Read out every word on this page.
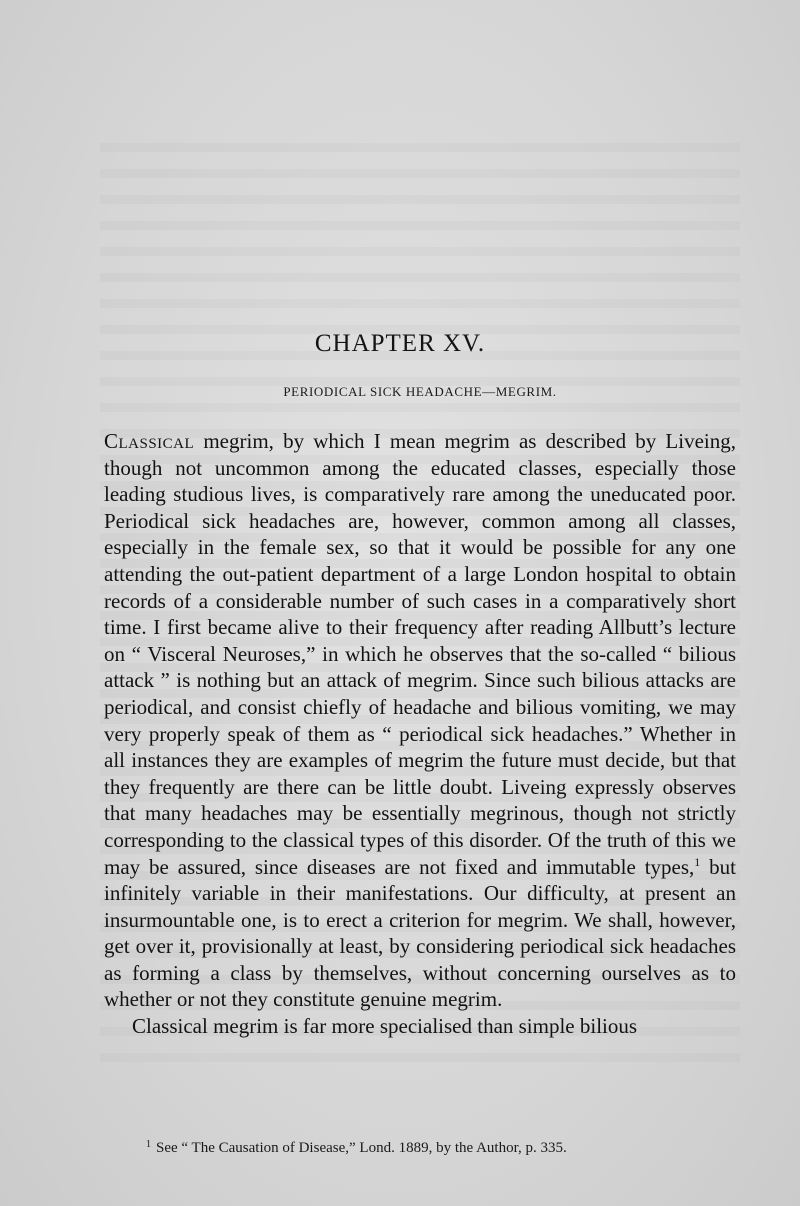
CHAPTER XV.
PERIODICAL SICK HEADACHE—MEGRIM.

Classical megrim, by which I mean megrim as described by Liveing, though not uncommon among the educated classes, especially those leading studious lives, is comparatively rare among the uneducated poor. Periodical sick headaches are, however, common among all classes, especially in the female sex, so that it would be possible for any one attending the out-patient department of a large London hospital to obtain records of a considerable number of such cases in a comparatively short time. I first became alive to their frequency after reading Allbutt’s lecture on “ Visceral Neuroses,” in which he observes that the so-called “ bilious attack ” is nothing but an attack of megrim. Since such bilious attacks are periodical, and consist chiefly of headache and bilious vomiting, we may very properly speak of them as “ periodical sick headaches.” Whether in all instances they are examples of megrim the future must decide, but that they frequently are there can be little doubt. Liveing expressly observes that many headaches may be essentially megrinous, though not strictly corresponding to the classical types of this disorder. Of the truth of this we may be assured, since diseases are not fixed and immutable types,$^1$ but infinitely variable in their manifestations. Our difficulty, at present an insurmountable one, is to erect a criterion for megrim. We shall, however, get over it, provisionally at least, by considering periodical sick headaches as forming a class by themselves, without concerning ourselves as to whether or not they constitute genuine megrim.

Classical megrim is far more specialised than simple bilious

$^1$ See “ The Causation of Disease,” Lond. 1889, by the Author, p. 335.
